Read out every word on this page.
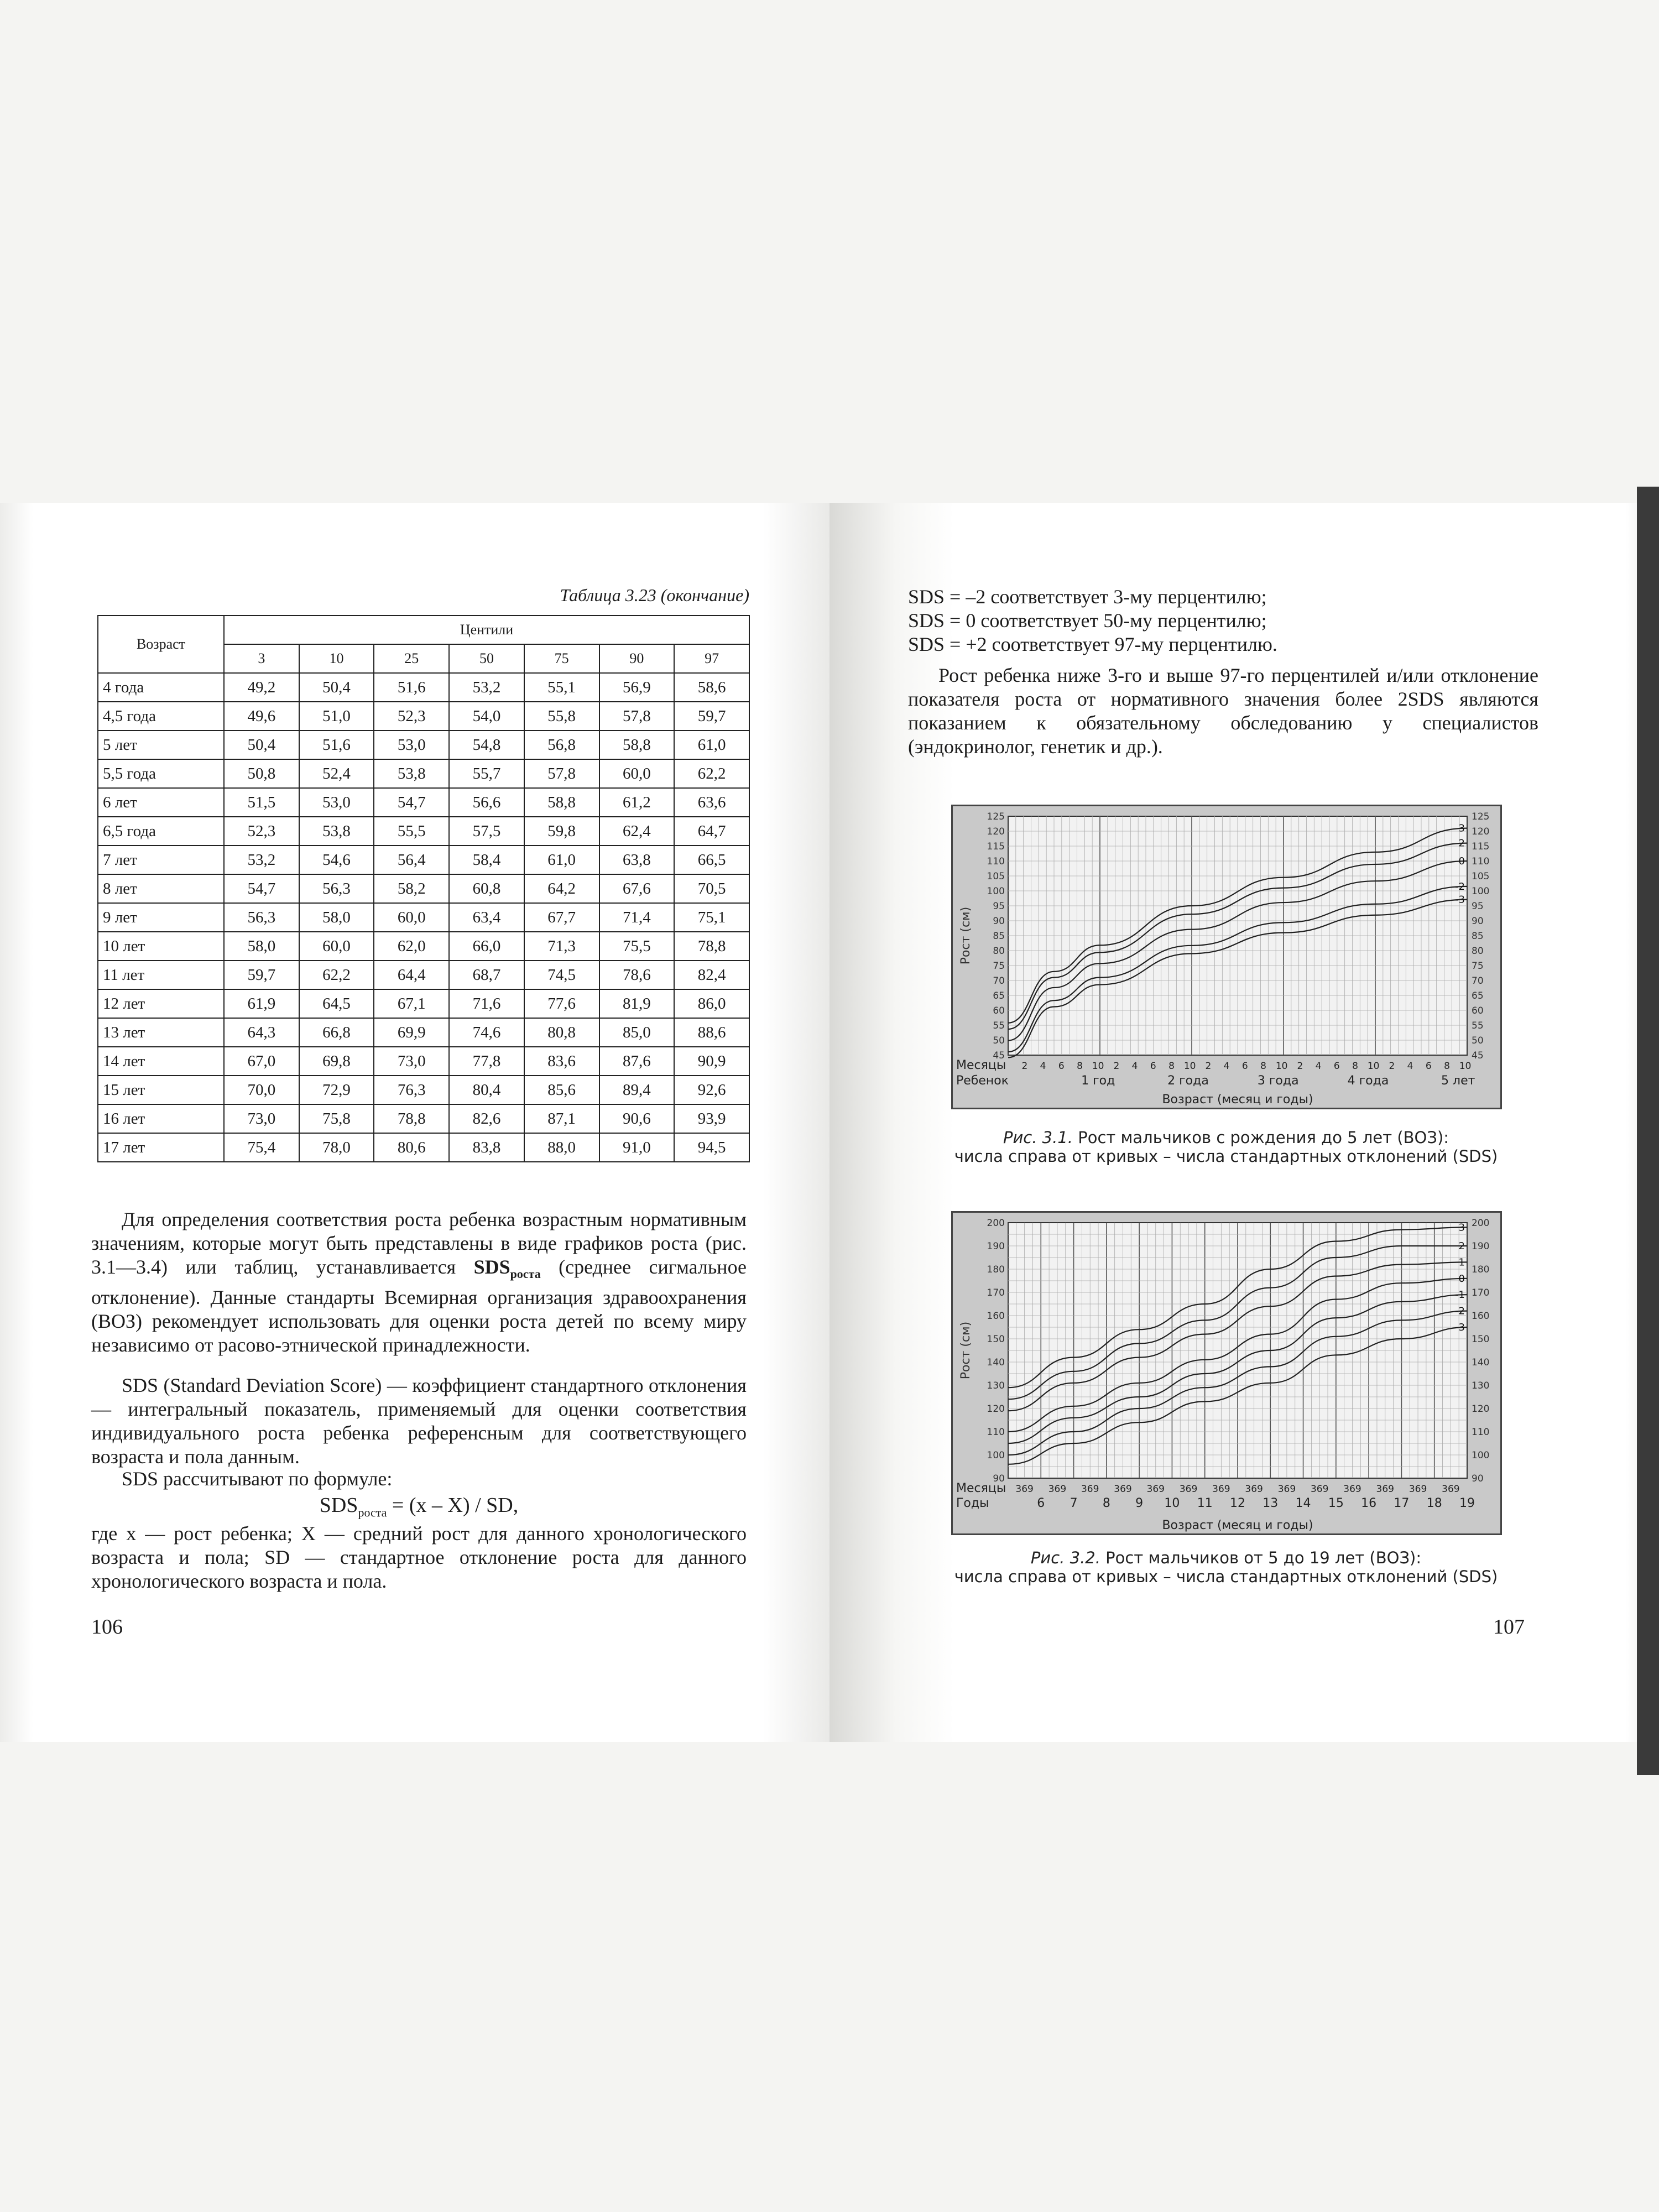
Таблица 3.23 (окончание)
Возраст	Центили						
	3	10	25	50	75	90	97
4 года	49,2	50,4	51,6	53,2	55,1	56,9	58,6
4,5 года	49,6	51,0	52,3	54,0	55,8	57,8	59,7
5 лет	50,4	51,6	53,0	54,8	56,8	58,8	61,0
5,5 года	50,8	52,4	53,8	55,7	57,8	60,0	62,2
6 лет	51,5	53,0	54,7	56,6	58,8	61,2	63,6
6,5 года	52,3	53,8	55,5	57,5	59,8	62,4	64,7
7 лет	53,2	54,6	56,4	58,4	61,0	63,8	66,5
8 лет	54,7	56,3	58,2	60,8	64,2	67,6	70,5
9 лет	56,3	58,0	60,0	63,4	67,7	71,4	75,1
10 лет	58,0	60,0	62,0	66,0	71,3	75,5	78,8
11 лет	59,7	62,2	64,4	68,7	74,5	78,6	82,4
12 лет	61,9	64,5	67,1	71,6	77,6	81,9	86,0
13 лет	64,3	66,8	69,9	74,6	80,8	85,0	88,6
14 лет	67,0	69,8	73,0	77,8	83,6	87,6	90,9
15 лет	70,0	72,9	76,3	80,4	85,6	89,4	92,6
16 лет	73,0	75,8	78,8	82,6	87,1	90,6	93,9
17 лет	75,4	78,0	80,6	83,8	88,0	91,0	94,5
Для определения соответствия роста ребенка возрастным нормативным значениям, которые могут быть представлены в виде графиков роста (рис. 3.1—3.4) или таблиц, устанавливается $SDS_{роста}$ (среднее сигмальное отклонение). Данные стандарты Всемирная организация здравоохранения (ВОЗ) рекомендует использовать для оценки роста детей по всему миру независимо от расово-этнической принадлежности.
SDS (Standard Deviation Score) — коэффициент стандартного отклонения — интегральный показатель, применяемый для оценки соответствия индивидуального роста ребенка референсным для соответствующего возраста и пола данным.
SDS рассчитывают по формуле:
$SDS_{роста} = (x - X)$ / SD,
где x — рост ребенка; X — средний рост для данного хронологического возраста и пола; SD — стандартное отклонение роста для данного хронологического возраста и пола.
106
SDS = –2 соответствует 3-му перцентилю;
SDS = 0 соответствует 50-му перцентилю;
SDS = +2 соответствует 97-му перцентилю.
Рост ребенка ниже 3-го и выше 97-го перцентилей и/или отклонение показателя роста от нормативного значения более 2SDS являются показанием к обязательному обследованию у специалистов (эндокринолог, генетик и др.).
125	125
120	120
115	115
110	110
105	105
100	100
95	95
90	90
85	85
80	80
75	75
70	70
65	65
60	60
55	55
50	50
45	45
Рост (см)
3
2
0
-2
-3
Месяцы 2 4 6 8 10 2 4 6 8 10 2 4 6 8 10 2 4 6 8 10 2 4 6 8 10
Ребенок	1 год	2 года	3 года	4 года	5 лет
Возраст (месяц и годы)
Рис. 3.1. Рост мальчиков с рождения до 5 лет (ВОЗ):
числа справа от кривых – числа стандартных отклонений (SDS)
200	200
190	190
180	180
170	170
160	160
150	150
140	140
130	130
120	120
110	110
100	100
90	90
Рост (см)
3
2
1
0
-1
-2
-3
Месяцы 369 369 369 369 369 369 369 369 369 369 369 369 369 369
Годы	6 7 8 9 10 11 12 13 14 15 16 17 18 19
Возраст (месяц и годы)
Рис. 3.2. Рост мальчиков от 5 до 19 лет (ВОЗ):
числа справа от кривых – числа стандартных отклонений (SDS)
107
